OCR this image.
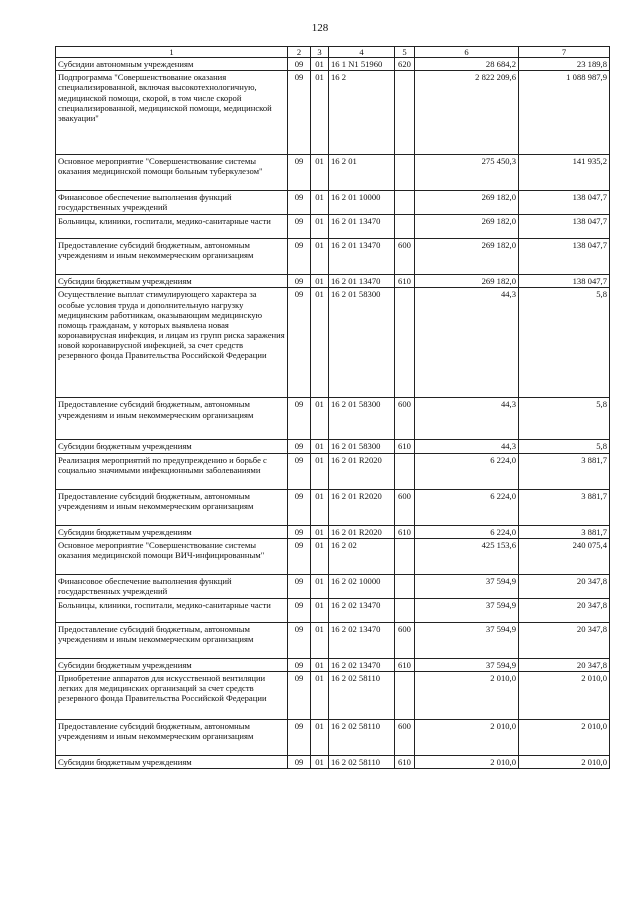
128
1	2	3	4	5	6	7
Субсидии автономным учреждениям	09	01	16 1 N1 51960	620	28 684,2	23 189,8
Подпрограмма "Совершенствование оказания специализированной, включая высокотехнологичную, медицинской помощи, скорой, в том числе скорой специализированной, медицинской помощи, медицинской эвакуации"	09	01	16 2		2 822 209,6	1 088 987,9
Основное мероприятие "Совершенствование системы оказания медицинской помощи больным туберкулезом"	09	01	16 2 01		275 450,3	141 935,2
Финансовое обеспечение выполнения функций государственных учреждений	09	01	16 2 01 10000		269 182,0	138 047,7
Больницы, клиники, госпитали, медико-санитарные части	09	01	16 2 01 13470		269 182,0	138 047,7
Предоставление субсидий бюджетным, автономным учреждениям и иным некоммерческим организациям	09	01	16 2 01 13470	600	269 182,0	138 047,7
Субсидии бюджетным учреждениям	09	01	16 2 01 13470	610	269 182,0	138 047,7
Осуществление выплат стимулирующего характера за особые условия труда и дополнительную нагрузку медицинским работникам, оказывающим медицинскую помощь гражданам, у которых выявлена новая коронавирусная инфекция, и лицам из групп риска заражения новой коронавирусной инфекцией, за счет средств резервного фонда Правительства Российской Федерации	09	01	16 2 01 58300		44,3	5,8
Предоставление субсидий бюджетным, автономным учреждениям и иным некоммерческим организациям	09	01	16 2 01 58300	600	44,3	5,8
Субсидии бюджетным учреждениям	09	01	16 2 01 58300	610	44,3	5,8
Реализация мероприятий по предупреждению и борьбе с социально значимыми инфекционными заболеваниями	09	01	16 2 01 R2020		6 224,0	3 881,7
Предоставление субсидий бюджетным, автономным учреждениям и иным некоммерческим организациям	09	01	16 2 01 R2020	600	6 224,0	3 881,7
Субсидии бюджетным учреждениям	09	01	16 2 01 R2020	610	6 224,0	3 881,7
Основное мероприятие "Совершенствование системы оказания медицинской помощи ВИЧ-инфицированным"	09	01	16 2 02		425 153,6	240 075,4
Финансовое обеспечение выполнения функций государственных учреждений	09	01	16 2 02 10000		37 594,9	20 347,8
Больницы, клиники, госпитали, медико-санитарные части	09	01	16 2 02 13470		37 594,9	20 347,8
Предоставление субсидий бюджетным, автономным учреждениям и иным некоммерческим организациям	09	01	16 2 02 13470	600	37 594,9	20 347,8
Субсидии бюджетным учреждениям	09	01	16 2 02 13470	610	37 594,9	20 347,8
Приобретение аппаратов для искусственной вентиляции легких для медицинских организаций за счет средств резервного фонда Правительства Российской Федерации	09	01	16 2 02 58110		2 010,0	2 010,0
Предоставление субсидий бюджетным, автономным учреждениям и иным некоммерческим организациям	09	01	16 2 02 58110	600	2 010,0	2 010,0
Субсидии бюджетным учреждениям	09	01	16 2 02 58110	610	2 010,0	2 010,0
